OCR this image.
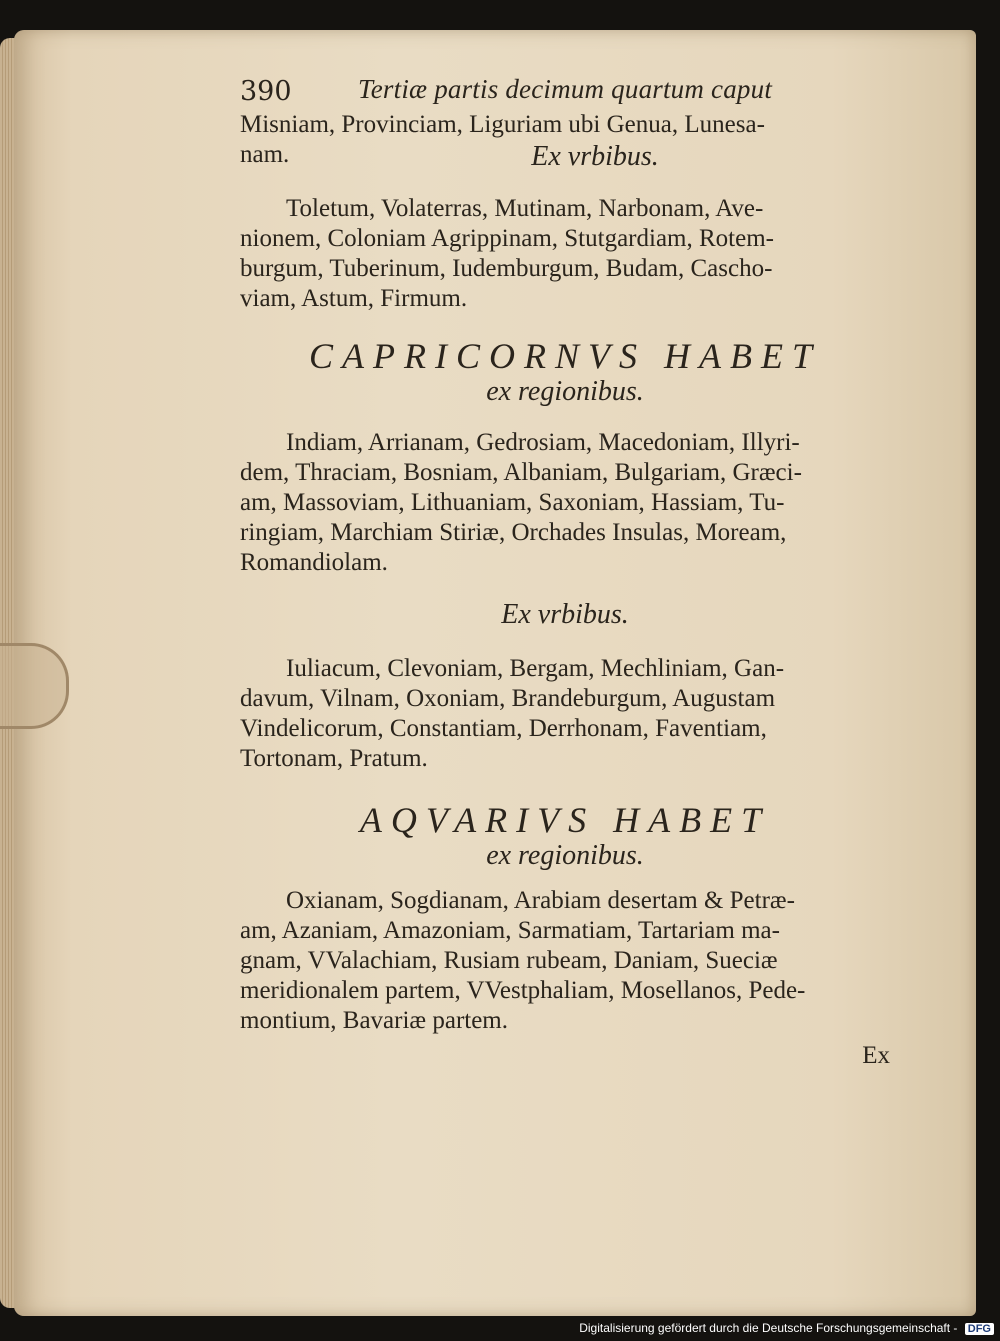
390 Tertiæ partis decimum quartum caput

Misniam, Provinciam, Liguriam ubi Genua, Lunesa-
nam.	Ex vrbibus.

Toletum, Volaterras, Mutinam, Narbonam, Ave-
nionem, Coloniam Agrippinam, Stutgardiam, Rotem-
burgum, Tuberinum, Iudemburgum, Budam, Cascho-
viam, Astum, Firmum.

CAPRICORNVS HABET

ex regionibus.

Indiam, Arrianam, Gedrosiam, Macedoniam, Illyri-
dem, Thraciam, Bosniam, Albaniam, Bulgariam, Græci-
am, Massoviam, Lithuaniam, Saxoniam, Hassiam, Tu-
ringiam, Marchiam Stiriæ, Orchades Insulas, Moream,
Romandiolam.

Ex vrbibus.

Iuliacum, Clevoniam, Bergam, Mechliniam, Gan-
davum, Vilnam, Oxoniam, Brandeburgum, Augustam
Vindelicorum, Constantiam, Derrhonam, Faventiam,
Tortonam, Pratum.

AQVARIVS HABET

ex regionibus.

Oxianam, Sogdianam, Arabiam desertam & Petræ-
am, Azaniam, Amazoniam, Sarmatiam, Tartariam ma-
gnam, VValachiam, Rusiam rubeam, Daniam, Sueciæ
meridionalem partem, VVestphaliam, Mosellanos, Pede-
montium, Bavariæ partem.

Ex
Digitalisierung gefördert durch die Deutsche Forschungsgemeinschaft - DFG
